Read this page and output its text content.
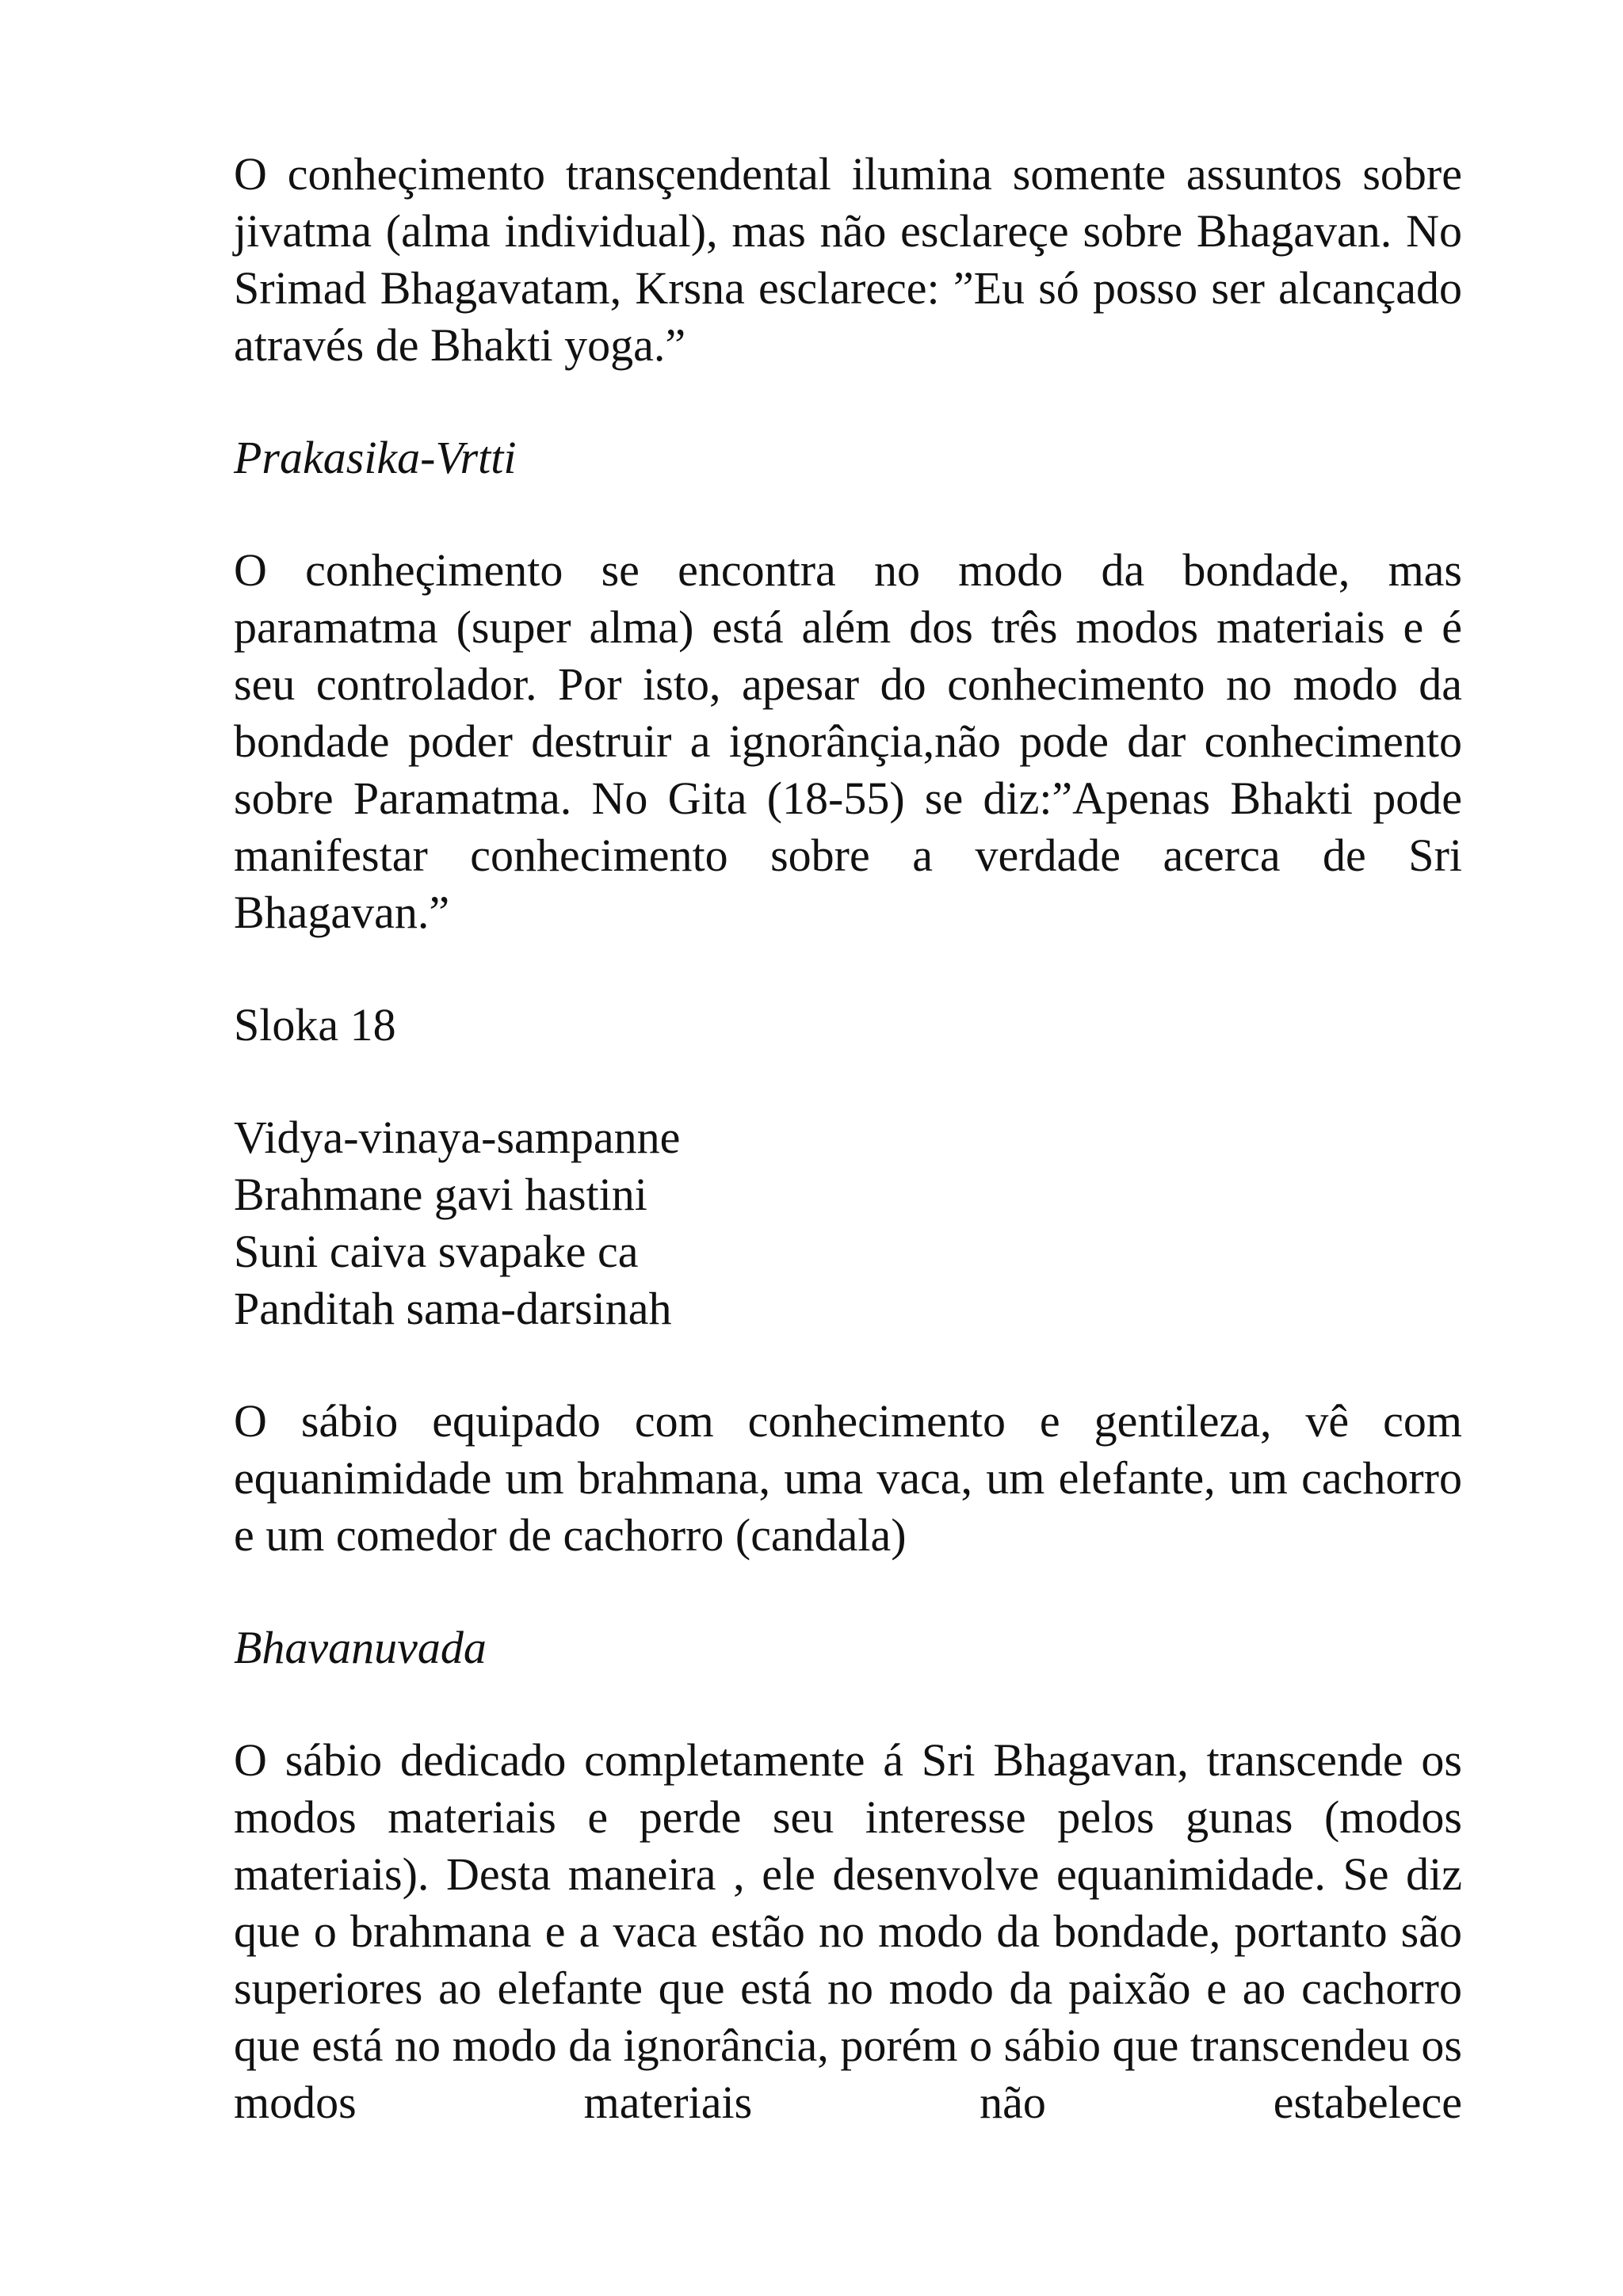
O conheçimento transçendental ilumina somente assuntos sobre jivatma (alma individual), mas não esclareçe sobre Bhagavan. No Srimad Bhagavatam, Krsna esclarece: ”Eu só posso ser alcançado através de Bhakti yoga.”

Prakasika-Vrtti

O conheçimento se encontra no modo da bondade, mas paramatma (super alma) está além dos três modos materiais e é seu controlador. Por isto, apesar do conhecimento no modo da bondade poder destruir a ignorânçia,não pode dar conhecimento sobre Paramatma. No Gita (18-55) se diz:”Apenas Bhakti pode manifestar conhecimento sobre a verdade acerca de Sri Bhagavan.”

Sloka 18

Vidya-vinaya-sampanne
Brahmane gavi hastini
Suni caiva svapake ca
Panditah sama-darsinah

O sábio equipado com conhecimento e gentileza, vê com equanimidade um brahmana, uma vaca, um elefante, um cachorro e um comedor de cachorro (candala)

Bhavanuvada

O sábio dedicado completamente á Sri Bhagavan, transcende os modos materiais e perde seu interesse pelos gunas (modos materiais). Desta maneira , ele desenvolve equanimidade. Se diz que o brahmana e a vaca estão no modo da bondade, portanto são superiores ao elefante que está no modo da paixão e ao cachorro que está no modo da ignorância, porém o sábio que transcendeu os modos materiais não estabelece
